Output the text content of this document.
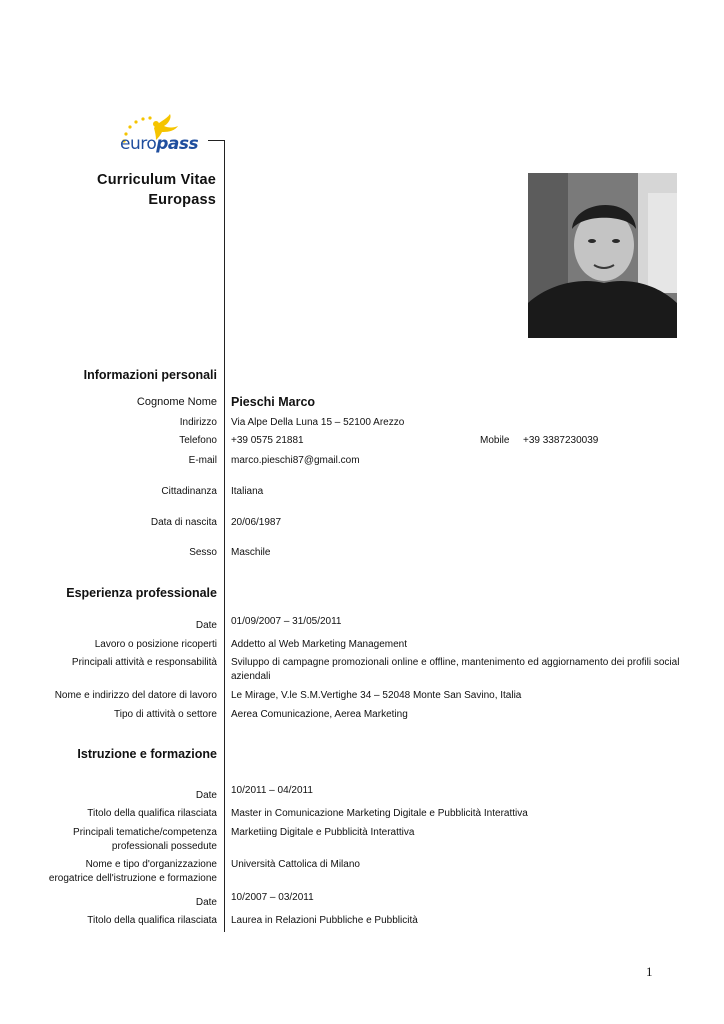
europass
Curriculum Vitae
Europass
Informazioni personali
Cognome Nome Pieschi Marco
Indirizzo Via Alpe Della Luna 15 – 52100 Arezzo
Telefono +39 0575 21881	Mobile +39 3387230039
E-mail marco.pieschi87@gmail.com
Cittadinanza Italiana
Data di nascita 20/06/1987
Sesso Maschile
Esperienza professionale
Date 01/09/2007 – 31/05/2011
Lavoro o posizione ricoperti Addetto al Web Marketing Management
Principali attività e responsabilità Sviluppo di campagne promozionali online e offline, mantenimento ed aggiornamento dei profili social aziendali
Nome e indirizzo del datore di lavoro Le Mirage, V.le S.M.Vertighe 34 – 52048 Monte San Savino, Italia
Tipo di attività o settore Aerea Comunicazione, Aerea Marketing
Istruzione e formazione
Date 10/2011 – 04/2011
Titolo della qualifica rilasciata Master in Comunicazione Marketing Digitale e Pubblicità Interattiva
Principali tematiche/competenza
professionali possedute
Marketiing Digitale e Pubblicità Interattiva
Nome e tipo d'organizzazione
erogatrice dell'istruzione e formazione
Università Cattolica di Milano
Date 10/2007 – 03/2011
Titolo della qualifica rilasciata Laurea in Relazioni Pubbliche e Pubblicità
1
